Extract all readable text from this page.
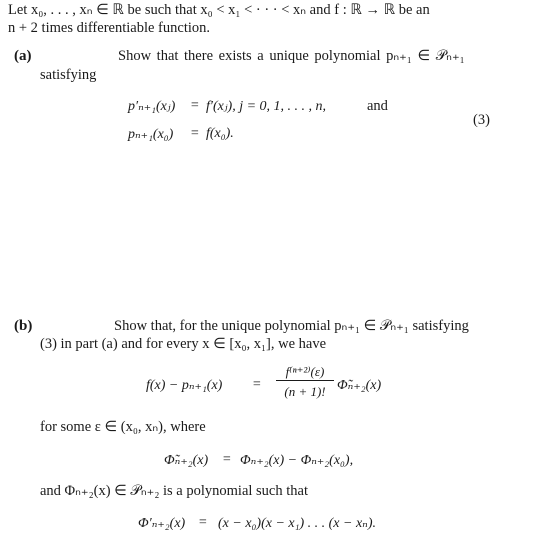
Let x₀, . . . , xₙ ∈ ℝ be such that x₀ < x₁ < · · · < xₙ and f : ℝ → ℝ be an
n + 2 times differentiable function.
(a)	Show that there exists a unique polynomial pₙ₊₁ ∈ 𝒫ₙ₊₁
satisfying
p′ₙ₊₁(xⱼ) = f′(xⱼ), j = 0, 1, . . . , n,	and
pₙ₊₁(x₀) = f(x₀).
(3)
(b)	Show that, for the unique polynomial pₙ₊₁ ∈ 𝒫ₙ₊₁ satisfying
(3) in part (a) and for every x ∈ [x₀, x₁], we have
f(x) − pₙ₊₁(x) =
f⁽ⁿ⁺²⁾(ε)
(n + 1)! Φ̃ₙ₊₂(x)
for some ε ∈ (x₀, xₙ), where
Φ̃ₙ₊₂(x) = Φₙ₊₂(x) − Φₙ₊₂(x₀),
and Φₙ₊₂(x) ∈ 𝒫ₙ₊₂ is a polynomial such that
Φ′ₙ₊₂(x) = (x − x₀)(x − x₁) . . . (x − xₙ).
